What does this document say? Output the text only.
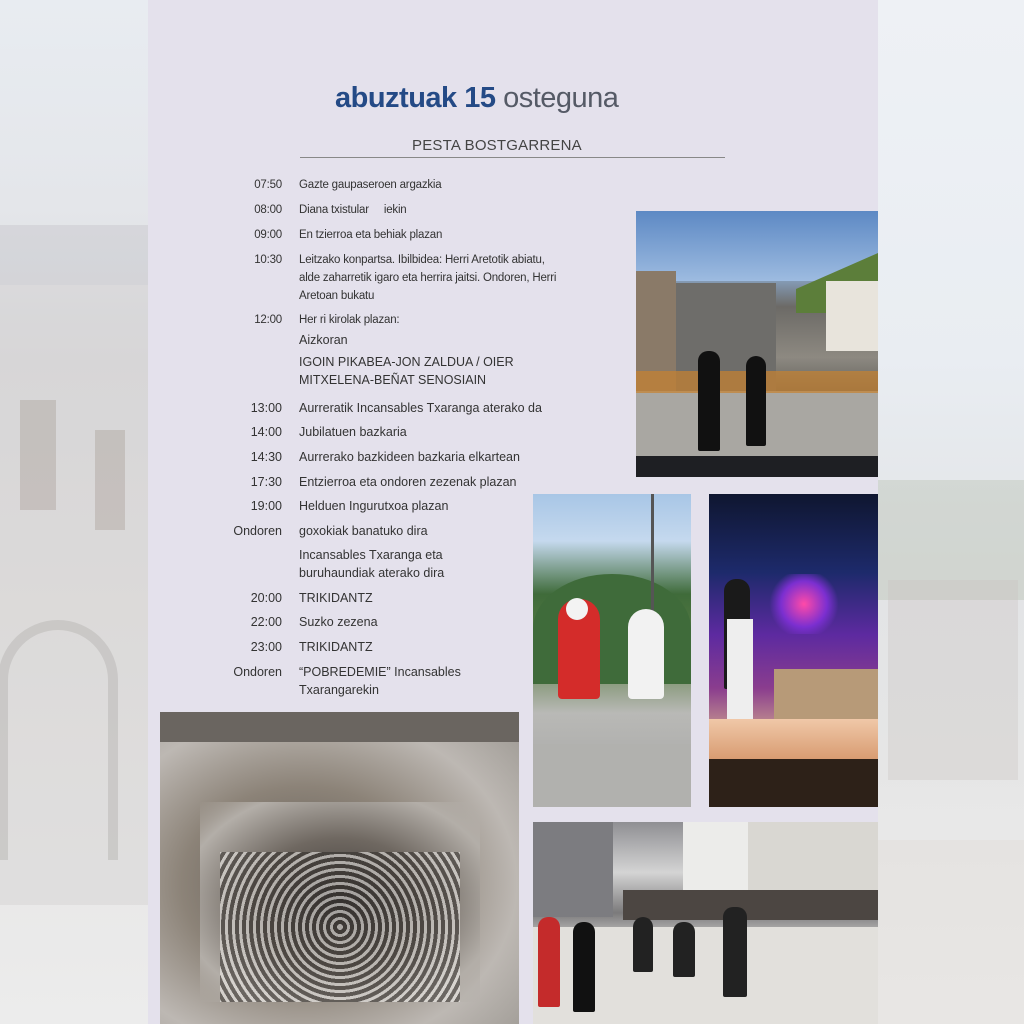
abuztuak 15 osteguna
PESTA BOSTGARRENA
07:50 Gazte gaupaseroen argazkia
08:00 Diana txistular     iekin
09:00 En tzierroa eta behiak plazan
10:30 Leitzako konpartsa. Ibilbidea: Herri Aretotik abiatu, alde zaharretik igaro eta herrira jaitsi. Ondoren, Herri Aretoan bukatu
12:00 Her ri kirolak plazan:
Aizkoran
IGOIN PIKABEA-JON ZALDUA / OIER MITXELENA-BEÑAT SENOSIAIN
13:00 Aurreratik Incansables Txaranga aterako da
14:00 Jubilatuen bazkaria
14:30 Aurrerako bazkideen bazkaria elkartean
17:30 Entzierroa eta ondoren zezenak plazan
19:00 Helduen Ingurutxoa plazan
Ondoren goxokiak banatuko dira
Incansables Txaranga eta buruhaundiak aterako dira
20:00 TRIKIDANTZ
22:00 Suzko zezena
23:00 TRIKIDANTZ
Ondoren “POBREDEMIE” Incansables Txarangarekin
